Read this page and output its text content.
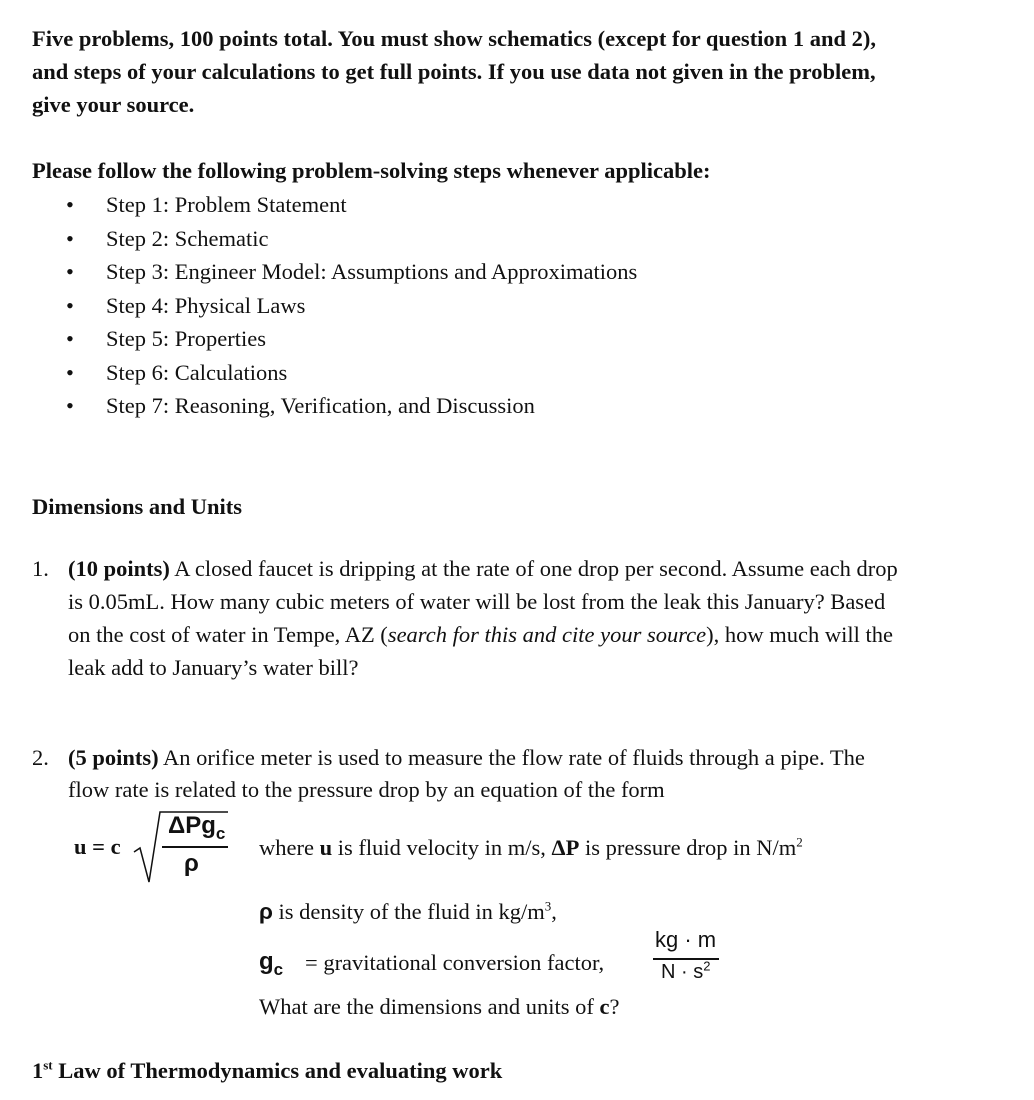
Five problems, 100 points total. You must show schematics (except for question 1 and 2),
and steps of your calculations to get full points. If you use data not given in the problem,
give your source.
Please follow the following problem-solving steps whenever applicable:
• Step 1: Problem Statement
• Step 2: Schematic
• Step 3: Engineer Model: Assumptions and Approximations
• Step 4: Physical Laws
• Step 5: Properties
• Step 6: Calculations
• Step 7: Reasoning, Verification, and Discussion
Dimensions and Units
1. (10 points) A closed faucet is dripping at the rate of one drop per second. Assume each drop
is 0.05mL. How many cubic meters of water will be lost from the leak this January? Based
on the cost of water in Tempe, AZ (search for this and cite your source), how much will the
leak add to January’s water bill?
2. (5 points) An orifice meter is used to measure the flow rate of fluids through a pipe. The
flow rate is related to the pressure drop by an equation of the form
u = c
ΔPg$_c$
ρ
where u is fluid velocity in m/s, ΔP is pressure drop in $N/m^2$
ρ is density of the fluid in $kg/m^3$,
$g_c$ = gravitational conversion factor,
kg · m
$N \cdot s^2$
What are the dimensions and units of c?
1st Law of Thermodynamics and evaluating work
